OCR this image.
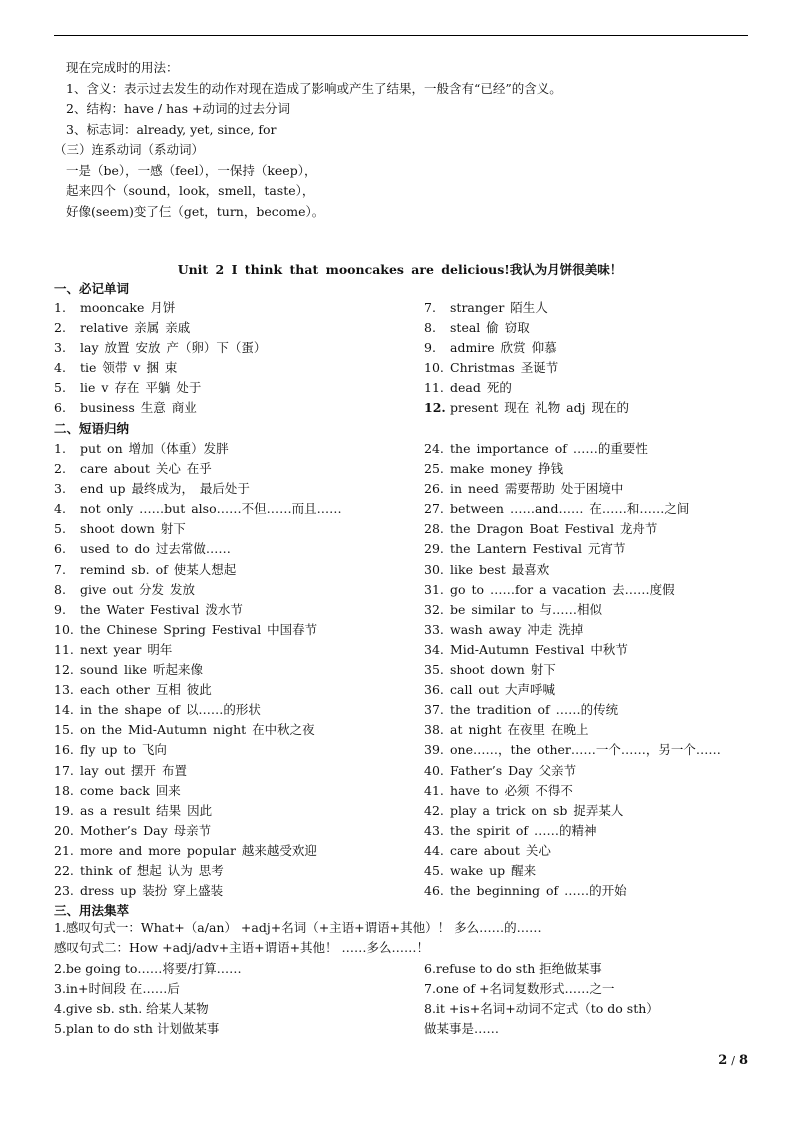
现在完成时的用法：
1、含义：表示过去发生的动作对现在造成了影响或产生了结果，一般含有“已经”的含义。
2、结构：have / has +动词的过去分词
3、标志词：already, yet, since, for
（三）连系动词（系动词）
一是（be），一感（feel），一保持（keep），
起来四个（sound，look，smell，taste），
好像(seem)变了仨（get，turn，become）。
Unit 2 I think that mooncakes are delicious!我认为月饼很美味！
一、必记单词
1.	mooncake 月饼
2.	relative 亲属 亲戚
3.	lay 放置 安放 产（卵）下（蛋）
4.	tie 领带 v 捆 束
5.	lie v 存在 平躺 处于
6.	business 生意 商业
7.	stranger 陌生人
8.	steal 偷 窃取
9.	admire 欣赏 仰慕
10. Christmas 圣诞节
11. dead 死的
12. present 现在 礼物 adj 现在的
二、短语归纳
1.	put on 增加（体重）发胖
2.	care about 关心 在乎
3.	end up 最终成为， 最后处于
4.	not only ……but also……不但……而且……
5.	shoot down 射下
6.	used to do 过去常做……
7.	remind sb. of 使某人想起
8.	give out 分发 发放
9.	the Water Festival 泼水节
10. the Chinese Spring Festival 中国春节
11. next year 明年
12. sound like 听起来像
13. each other 互相 彼此
14. in the shape of 以……的形状
15. on the Mid-Autumn night 在中秋之夜
16. fly up to 飞向
17. lay out 摆开 布置
18. come back 回来
19. as a result 结果 因此
20. Mother’s Day 母亲节
21. more and more popular 越来越受欢迎
22. think of 想起 认为 思考
23. dress up 装扮 穿上盛装
24. the importance of ……的重要性
25. make money 挣钱
26. in need 需要帮助 处于困境中
27. between ……and…… 在……和……之间
28. the Dragon Boat Festival 龙舟节
29. the Lantern Festival 元宵节
30. like best 最喜欢
31. go to ……for a vacation 去……度假
32. be similar to 与……相似
33. wash away 冲走 洗掉
34. Mid-Autumn Festival 中秋节
35. shoot down 射下
36. call out 大声呼喊
37. the tradition of ……的传统
38. at night 在夜里 在晚上
39. one……，the other……一个……，另一个……
40. Father’s Day 父亲节
41. have to 必须 不得不
42. play a trick on sb 捉弄某人
43. the spirit of ……的精神
44. care about 关心
45. wake up 醒来
46. the beginning of ……的开始
三、用法集萃
1.感叹句式一：What+（a/an） +adj+名词（+主语+谓语+其他）！ 多么……的……
感叹句式二：How +adj/adv+主语+谓语+其他！ ……多么……！
2.be going to……将要/打算……	6.refuse to do sth 拒绝做某事
3.in+时间段 在……后	7.one of +名词复数形式……之一
4.give sb. sth. 给某人某物	8.it +is+名词+动词不定式（to do sth）
5.plan to do sth 计划做某事	做某事是……
2 / 8
